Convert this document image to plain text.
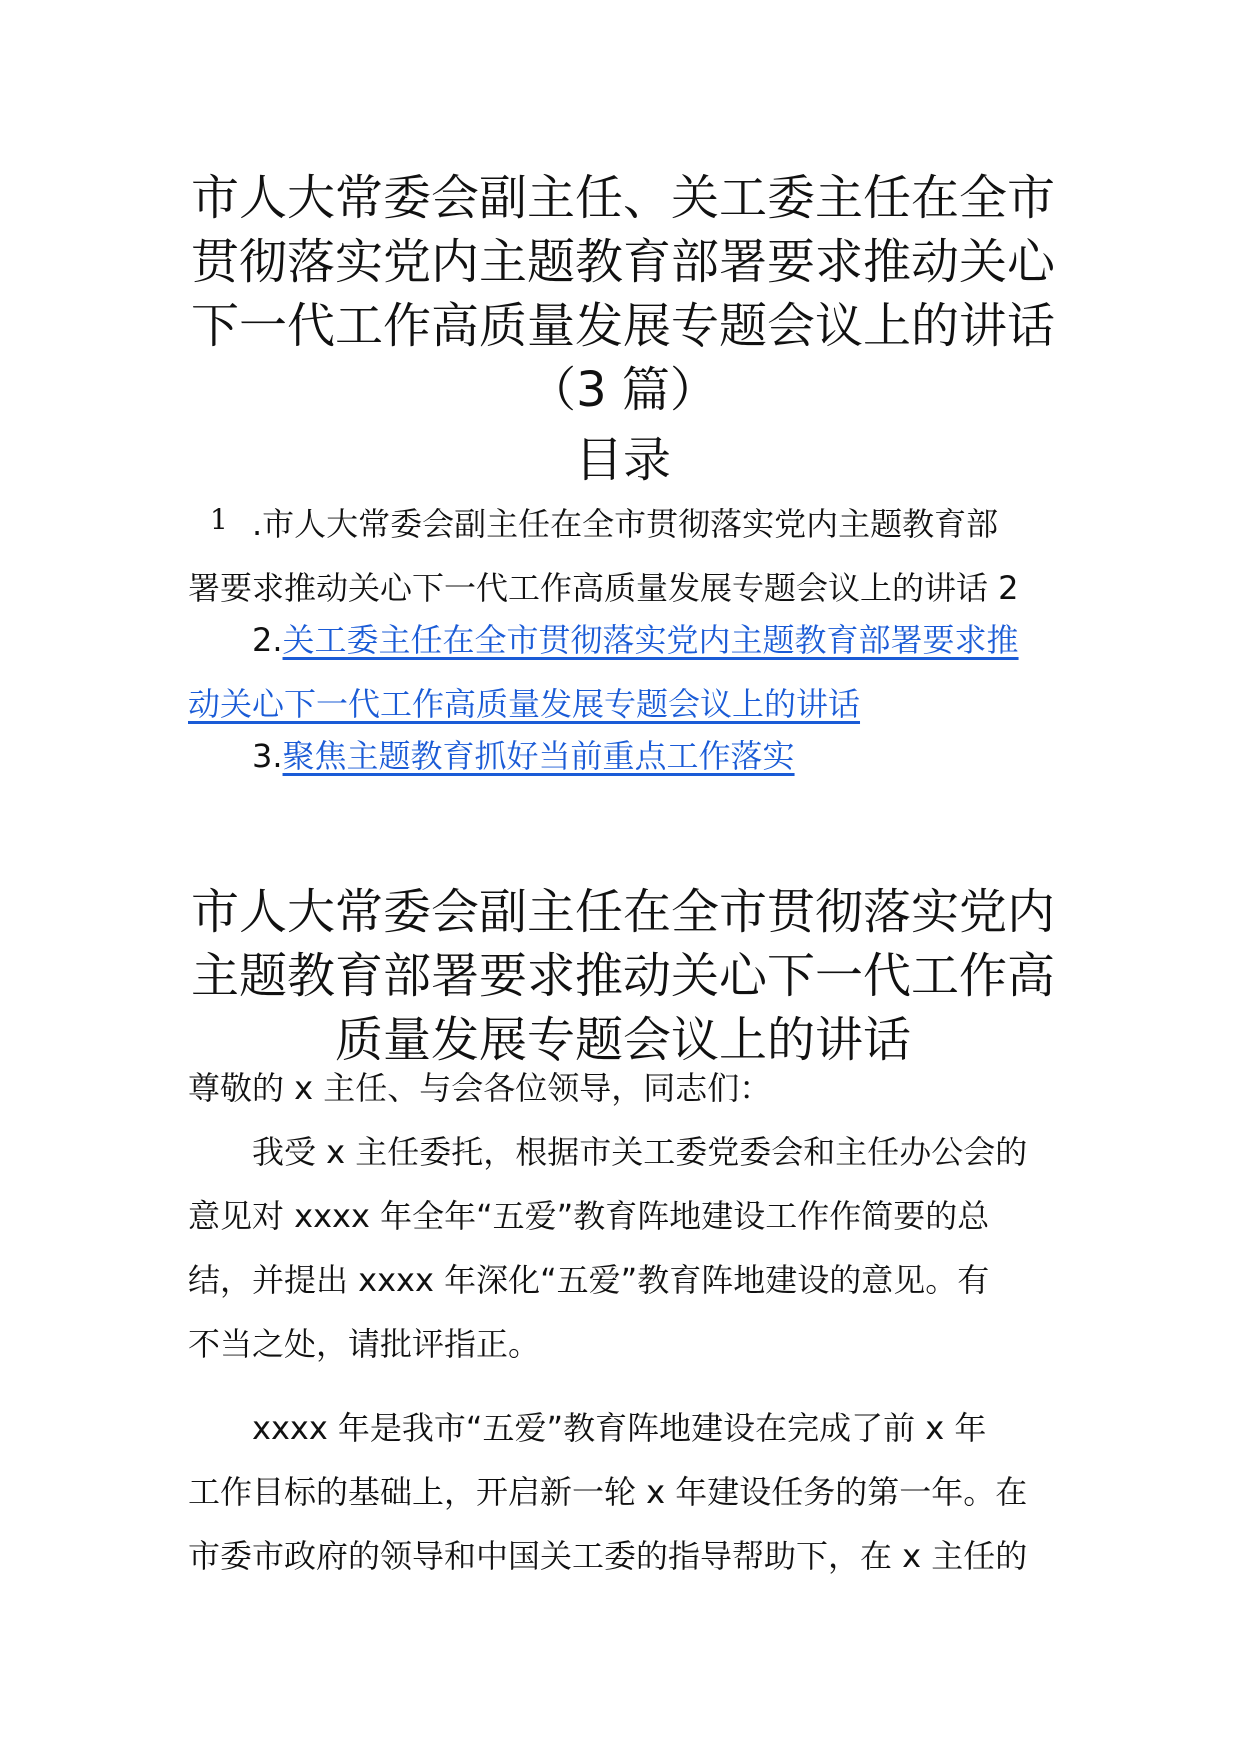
市人大常委会副主任、关工委主任在全市
贯彻落实党内主题教育部署要求推动关心
下一代工作高质量发展专题会议上的讲话
（3 篇）
目录
1 .市人大常委会副主任在全市贯彻落实党内主题教育部
署要求推动关心下一代工作高质量发展专题会议上的讲话 2

2.关工委主任在全市贯彻落实党内主题教育部署要求推
动关心下一代工作高质量发展专题会议上的讲话

3.聚焦主题教育抓好当前重点工作落实

市人大常委会副主任在全市贯彻落实党内
主题教育部署要求推动关心下一代工作高
质量发展专题会议上的讲话

尊敬的 x 主任、与会各位领导，同志们：

我受 x 主任委托，根据市关工委党委会和主任办公会的
意见对 xxxx 年全年“五爱”教育阵地建设工作作简要的总
结，并提出 xxxx 年深化“五爱”教育阵地建设的意见。有
不当之处，请批评指正。

xxxx 年是我市“五爱”教育阵地建设在完成了前 x 年
工作目标的基础上，开启新一轮 x 年建设任务的第一年。在
市委市政府的领导和中国关工委的指导帮助下，在 x 主任的
